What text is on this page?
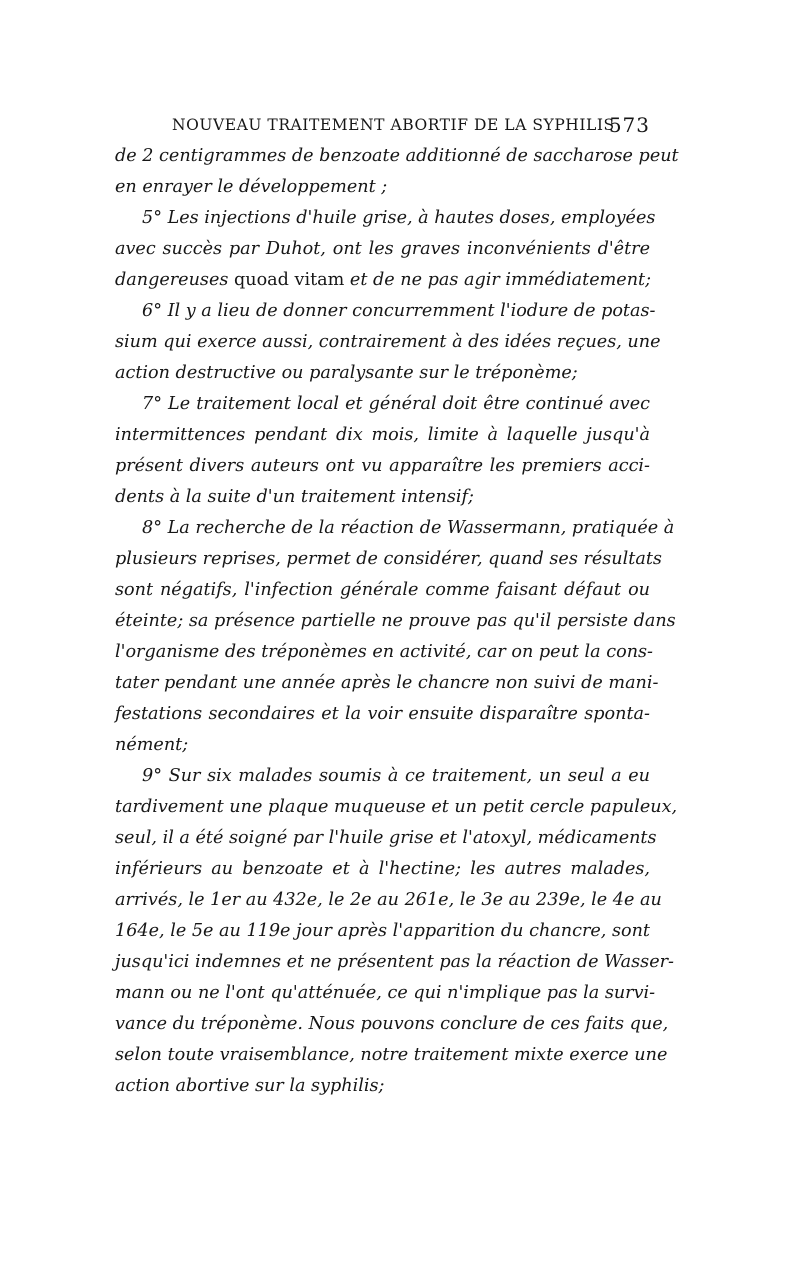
NOUVEAU TRAITEMENT ABORTIF DE LA SYPHILIS
573
de 2 centigrammes de benzoate additionné de saccharose peut
en enrayer le développement ;
5° Les injections d'huile grise, à hautes doses, employées
avec succès par Duhot, ont les graves inconvénients d'être
dangereuses quoad vitam et de ne pas agir immédiatement;
6° Il y a lieu de donner concurremment l'iodure de potas-
sium qui exerce aussi, contrairement à des idées reçues, une
action destructive ou paralysante sur le tréponème;
7° Le traitement local et général doit être continué avec
intermittences pendant dix mois, limite à laquelle jusqu'à
présent divers auteurs ont vu apparaître les premiers acci-
dents à la suite d'un traitement intensif;
8° La recherche de la réaction de Wassermann, pratiquée à
plusieurs reprises, permet de considérer, quand ses résultats
sont négatifs, l'infection générale comme faisant défaut ou
éteinte; sa présence partielle ne prouve pas qu'il persiste dans
l'organisme des tréponèmes en activité, car on peut la cons-
tater pendant une année après le chancre non suivi de mani-
festations secondaires et la voir ensuite disparaître sponta-
nément;
9° Sur six malades soumis à ce traitement, un seul a eu
tardivement une plaque muqueuse et un petit cercle papuleux,
seul, il a été soigné par l'huile grise et l'atoxyl, médicaments
inférieurs au benzoate et à l'hectine; les autres malades,
arrivés, le 1er au 432e, le 2e au 261e, le 3e au 239e, le 4e au
164e, le 5e au 119e jour après l'apparition du chancre, sont
jusqu'ici indemnes et ne présentent pas la réaction de Wasser-
mann ou ne l'ont qu'atténuée, ce qui n'implique pas la survi-
vance du tréponème. Nous pouvons conclure de ces faits que,
selon toute vraisemblance, notre traitement mixte exerce une
action abortive sur la syphilis;
